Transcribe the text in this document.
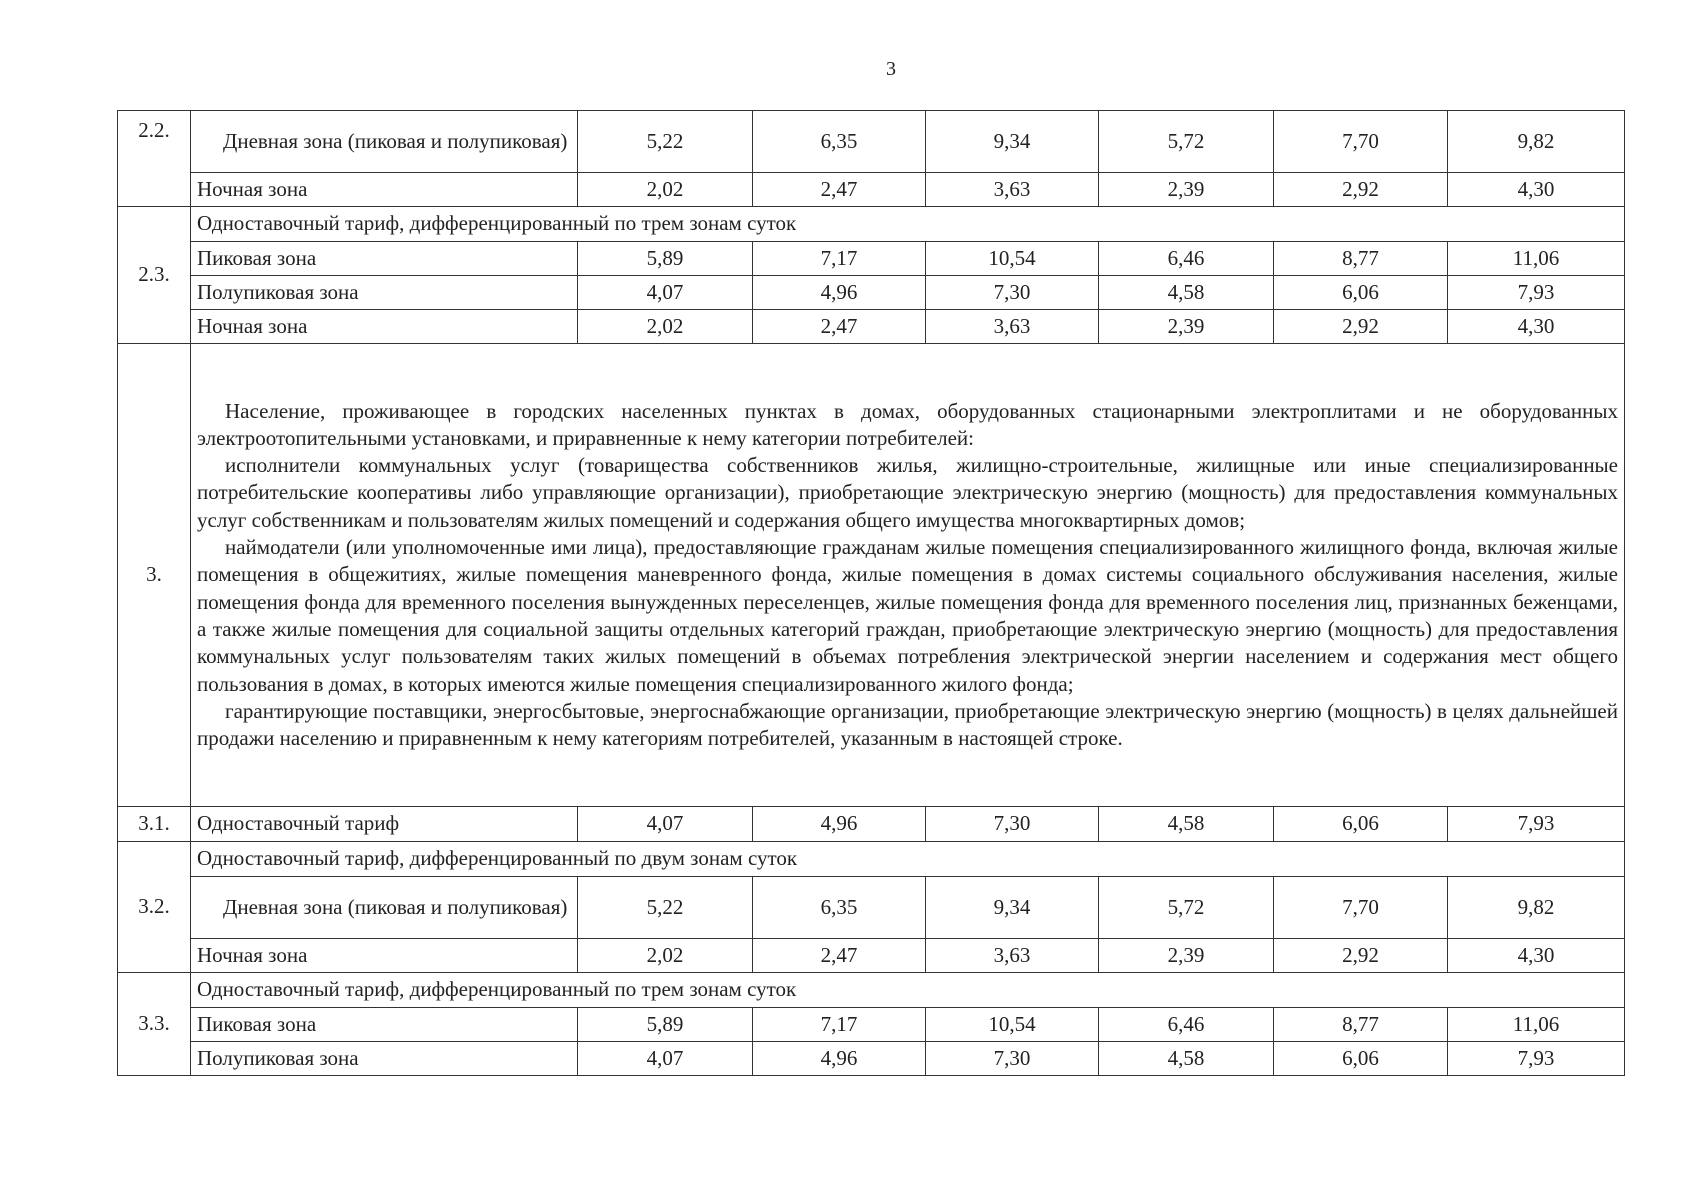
3
2.2.	Дневная зона (пиковая и полупиковая)	5,22	6,35	9,34	5,72	7,70	9,82
	Ночная зона	2,02	2,47	3,63	2,39	2,92	4,30
2.3.	Одноставочный тариф, дифференцированный по трем зонам суток						
	Пиковая зона	5,89	7,17	10,54	6,46	8,77	11,06
	Полупиковая зона	4,07	4,96	7,30	4,58	6,06	7,93
	Ночная зона	2,02	2,47	3,63	2,39	2,92	4,30
3.	Население, проживающее в городских населенных пунктах в домах, оборудованных стационарными электроплитами и не оборудованных электроотопительными установками, и приравненные к нему категории потребителей:

исполнители коммунальных услуг (товарищества собственников жилья, жилищно-строительные, жилищные или иные специализированные потребительские кооперативы либо управляющие организации), приобретающие электрическую энергию (мощность) для предоставления коммунальных услуг собственникам и пользователям жилых помещений и содержания общего имущества многоквартирных домов;

наймодатели (или уполномоченные ими лица), предоставляющие гражданам жилые помещения специализированного жилищного фонда, включая жилые помещения в общежитиях, жилые помещения маневренного фонда, жилые помещения в домах системы социального обслуживания населения, жилые помещения фонда для временного поселения вынужденных переселенцев, жилые помещения фонда для временного поселения лиц, признанных беженцами, а также жилые помещения для социальной защиты отдельных категорий граждан, приобретающие электрическую энергию (мощность) для предоставления коммунальных услуг пользователям таких жилых помещений в объемах потребления электрической энергии населением и содержания мест общего пользования в домах, в которых имеются жилые помещения специализированного жилого фонда;

гарантирующие поставщики, энергосбытовые, энергоснабжающие организации, приобретающие электрическую энергию (мощность) в целях дальнейшей продажи населению и приравненным к нему категориям потребителей, указанным в настоящей строке.						

3.1.	Одноставочный тариф	4,07	4,96	7,30	4,58	6,06	7,93
3.2.	Одноставочный тариф, дифференцированный по двум зонам суток						
	Дневная зона (пиковая и полупиковая)	5,22	6,35	9,34	5,72	7,70	9,82
	Ночная зона	2,02	2,47	3,63	2,39	2,92	4,30
3.3.	Одноставочный тариф, дифференцированный по трем зонам суток						
	Пиковая зона	5,89	7,17	10,54	6,46	8,77	11,06
	Полупиковая зона	4,07	4,96	7,30	4,58	6,06	7,93
